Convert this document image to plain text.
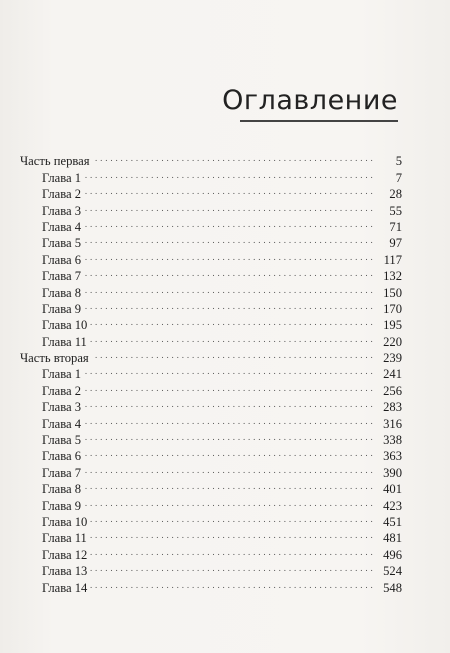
Оглавление
Часть первая . . .	5
Глава 1 . . .	7
Глава 2 . . .	28
Глава 3 . . .	55
Глава 4 . . .	71
Глава 5 . . .	97
Глава 6 . . .	117
Глава 7 . . .	132
Глава 8 . . .	150
Глава 9 . . .	170
Глава 10 . . .	195
Глава 11 . . .	220
Часть вторая . . .	239
Глава 1 . . .	241
Глава 2 . . .	256
Глава 3 . . .	283
Глава 4 . . .	316
Глава 5 . . .	338
Глава 6 . . .	363
Глава 7 . . .	390
Глава 8 . . .	401
Глава 9 . . .	423
Глава 10 . . .	451
Глава 11 . . .	481
Глава 12 . . .	496
Глава 13 . . .	524
Глава 14 . . .	548
